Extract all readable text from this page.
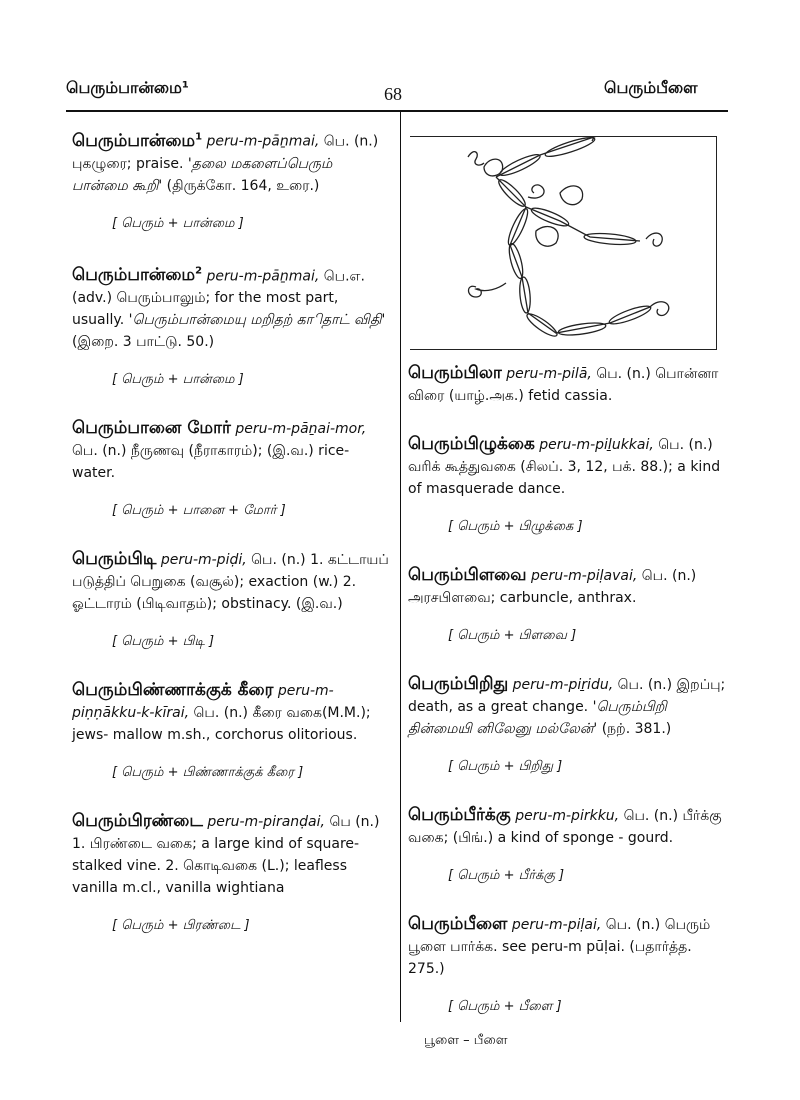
பெரும்பான்மை¹	68	பெரும்பீளை
பெரும்பான்மை$^1$ peru-m-pāṉmai, பெ. (n.) புகழுரை; praise. 'தலை மகளைப்பெரும் பான்மை கூறி' (திருக்கோ. 164, உரை.)
[ பெரும் + பான்மை ]
பெரும்பான்மை$^2$ peru-m-pāṉmai, பெ.எ. (adv.) பெரும்பாலும்; for the most part, usually. 'பெரும்பான்மையு மறிதற் காிதாட் விதி' (இறை. 3 பாட்டு. 50.)
[ பெரும் + பான்மை ]
பெரும்பானை மோர் peru-m-pāṉai-mor, பெ. (n.) நீருணவு (நீராகாரம்); (இ.வ.) rice-water.
[ பெரும் + பானை + மோர் ]
பெரும்பிடி peru-m-piḍi, பெ. (n.) 1. கட்டாயப் படுத்திப் பெறுகை (வசூல்); exaction (w.) 2. ஓட்டாரம் (பிடிவாதம்); obstinacy. (இ.வ.)
[ பெரும் + பிடி ]
பெரும்பிண்ணாக்குக் கீரை peru-m-piṇṇākku-k-kīrai, பெ. (n.) கீரை வகை(M.M.); jews- mallow m.sh., corchorus olitorious.
[ பெரும் + பிண்ணாக்குக் கீரை ]
பெரும்பிரண்டை peru-m-piranḍai, பெ (n.) 1. பிரண்டை வகை; a large kind of square-stalked vine. 2. கொடிவகை (L.); leafless vanilla m.cl., vanilla wightiana
[ பெரும் + பிரண்டை ]
பெரும்பிலா peru-m-pilā, பெ. (n.) பொன்னா விரை (யாழ்.அக.) fetid cassia.
பெரும்பிழுக்கை peru-m-piḻukkai, பெ. (n.) வரிக் கூத்துவகை (சிலப். 3, 12, பக். 88.); a kind of masquerade dance.
[ பெரும் + பிழுக்கை ]
பெரும்பிளவை peru-m-piḷavai, பெ. (n.) அரசபிளவை; carbuncle, anthrax.
[ பெரும் + பிளவை ]
பெரும்பிறிது peru-m-piṟidu, பெ. (n.) இறப்பு; death, as a great change. 'பெரும்பிறி தின்மையி னிலேனு மல்லேன்' (நற். 381.)
[ பெரும் + பிறிது ]
பெரும்பீர்க்கு peru-m-pirkku, பெ. (n.) பீர்க்கு வகை; (பிங்.) a kind of sponge - gourd.
[ பெரும் + பீர்க்கு ]
பெரும்பீளை peru-m-piḷai, பெ. (n.) பெரும் பூளை பார்க்க. see peru-m pūḷai. (பதார்த்த. 275.)
[ பெரும் + பீளை ]
பூளை – பீளை
